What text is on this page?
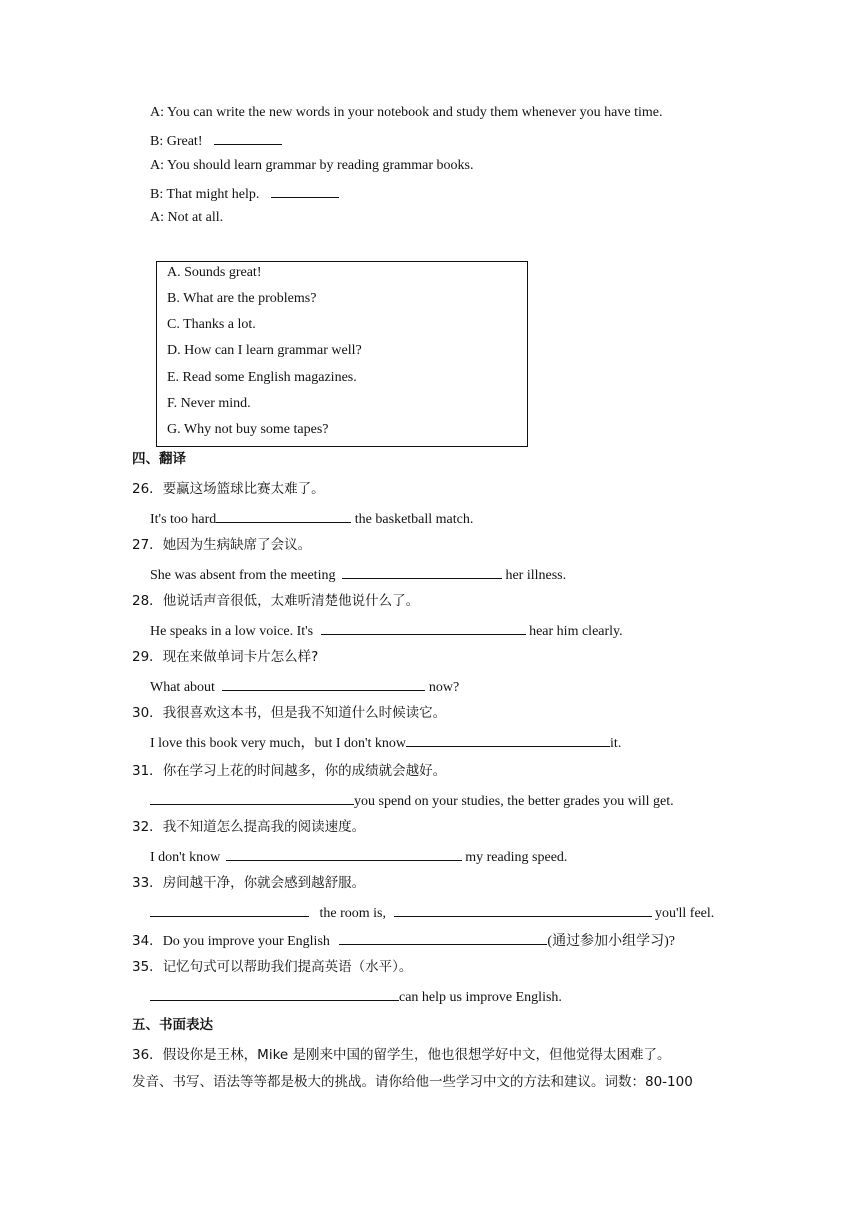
A: You can write the new words in your notebook and study them whenever you have time.
B: Great!
A: You should learn grammar by reading grammar books.
B: That might help.
A: Not at all.
A. Sounds great!
B. What are the problems?
C. Thanks a lot.
D. How can I learn grammar well?
E. Read some English magazines.
F. Never mind.
G. Why not buy some tapes?
四、翻译
26．要赢这场篮球比赛太难了。
It's too hard	the basketball match.
27．她因为生病缺席了会议。
She was absent from the meeting	her illness.
28．他说话声音很低，太难听清楚他说什么了。
He speaks in a low voice. It's	hear him clearly.
29．现在来做单词卡片怎么样?
What about	now?
30．我很喜欢这本书，但是我不知道什么时候读它。
I love this book very much，but I don't know	it.
31．你在学习上花的时间越多，你的成绩就会越好。
you spend on your studies, the better grades you will get.
32．我不知道怎么提高我的阅读速度。
I don't know	my reading speed.
33．房间越干净，你就会感到越舒服。
the room is,	you'll feel.
34．Do you improve your English	(通过参加小组学习)?
35．记忆句式可以帮助我们提高英语（水平）。
can help us improve English.
五、书面表达
36．假设你是王林，Mike 是刚来中国的留学生，他也很想学好中文，但他觉得太困难了。
发音、书写、语法等等都是极大的挑战。请你给他一些学习中文的方法和建议。词数：80-100
